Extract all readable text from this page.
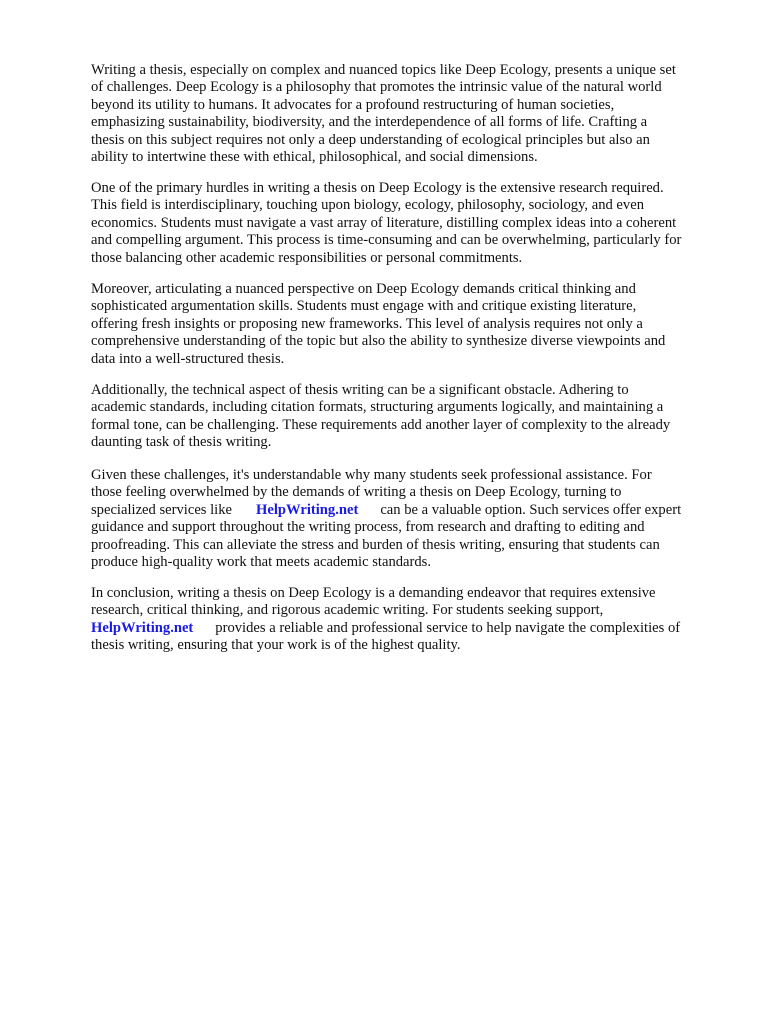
Writing a thesis, especially on complex and nuanced topics like Deep Ecology, presents a unique set
of challenges. Deep Ecology is a philosophy that promotes the intrinsic value of the natural world
beyond its utility to humans. It advocates for a profound restructuring of human societies,
emphasizing sustainability, biodiversity, and the interdependence of all forms of life. Crafting a
thesis on this subject requires not only a deep understanding of ecological principles but also an
ability to intertwine these with ethical, philosophical, and social dimensions.
One of the primary hurdles in writing a thesis on Deep Ecology is the extensive research required.
This field is interdisciplinary, touching upon biology, ecology, philosophy, sociology, and even
economics. Students must navigate a vast array of literature, distilling complex ideas into a coherent
and compelling argument. This process is time-consuming and can be overwhelming, particularly for
those balancing other academic responsibilities or personal commitments.
Moreover, articulating a nuanced perspective on Deep Ecology demands critical thinking and
sophisticated argumentation skills. Students must engage with and critique existing literature,
offering fresh insights or proposing new frameworks. This level of analysis requires not only a
comprehensive understanding of the topic but also the ability to synthesize diverse viewpoints and
data into a well-structured thesis.
Additionally, the technical aspect of thesis writing can be a significant obstacle. Adhering to
academic standards, including citation formats, structuring arguments logically, and maintaining a
formal tone, can be challenging. These requirements add another layer of complexity to the already
daunting task of thesis writing.
Given these challenges, it's understandable why many students seek professional assistance. For
those feeling overwhelmed by the demands of writing a thesis on Deep Ecology, turning to
specialized services like HelpWriting.net can be a valuable option. Such services offer expert
guidance and support throughout the writing process, from research and drafting to editing and
proofreading. This can alleviate the stress and burden of thesis writing, ensuring that students can
produce high-quality work that meets academic standards.
In conclusion, writing a thesis on Deep Ecology is a demanding endeavor that requires extensive
research, critical thinking, and rigorous academic writing. For students seeking support,
HelpWriting.net provides a reliable and professional service to help navigate the complexities of
thesis writing, ensuring that your work is of the highest quality.
